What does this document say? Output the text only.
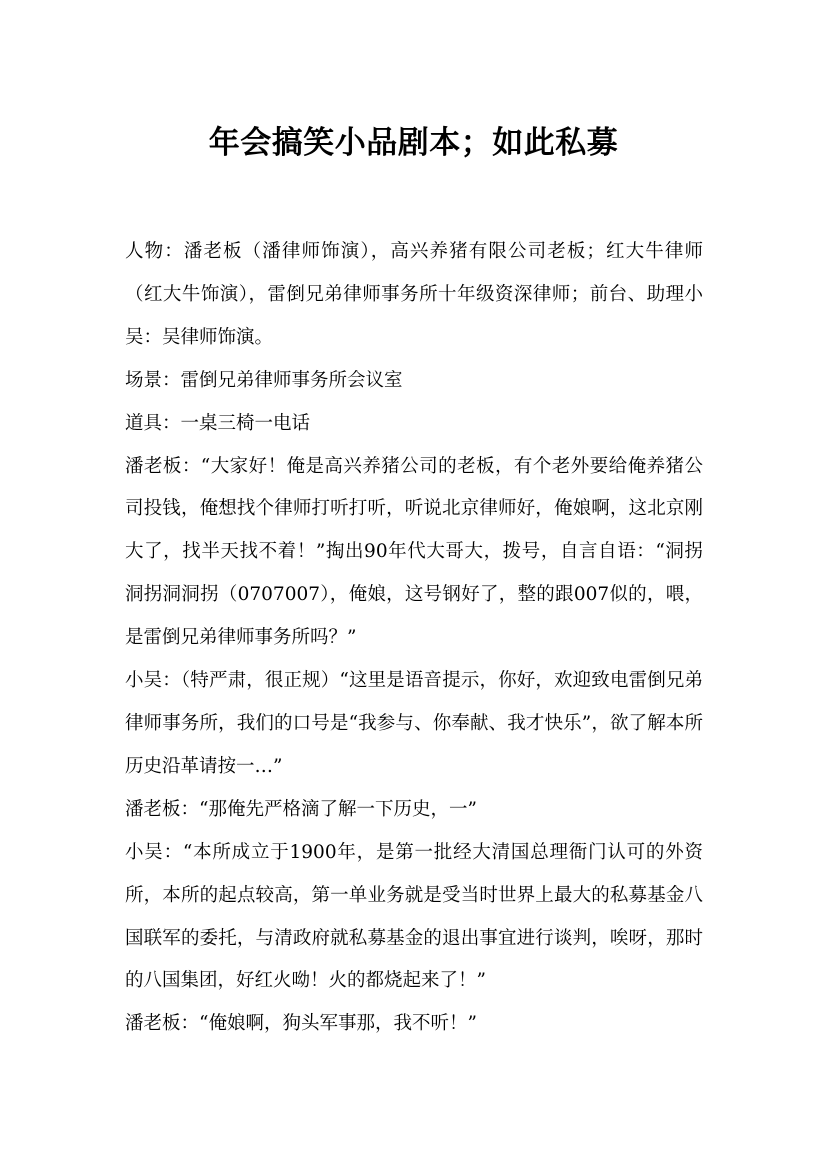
年会搞笑小品剧本；如此私募

人物：潘老板（潘律师饰演），高兴养猪有限公司老板；红大牛律师（红大牛饰演），雷倒兄弟律师事务所十年级资深律师；前台、助理小吴：吴律师饰演。

场景：雷倒兄弟律师事务所会议室

道具：一桌三椅一电话

潘老板：“大家好！俺是高兴养猪公司的老板，有个老外要给俺养猪公司投钱，俺想找个律师打听打听，听说北京律师好，俺娘啊，这北京刚大了，找半天找不着！”掏出90年代大哥大，拨号，自言自语：“洞拐洞拐洞洞拐（0707007），俺娘，这号钢好了，整的跟007似的，喂，是雷倒兄弟律师事务所吗？”

小吴：（特严肃，很正规）“这里是语音提示，你好，欢迎致电雷倒兄弟律师事务所，我们的口号是“我参与、你奉献、我才快乐”，欲了解本所历史沿革请按一…”

潘老板：“那俺先严格滴了解一下历史，一”

小吴：“本所成立于1900年，是第一批经大清国总理衙门认可的外资所，本所的起点较高，第一单业务就是受当时世界上最大的私募基金八国联军的委托，与清政府就私募基金的退出事宜进行谈判，唉呀，那时的八国集团，好红火呦！火的都烧起来了！”

潘老板：“俺娘啊，狗头军事那，我不听！”
